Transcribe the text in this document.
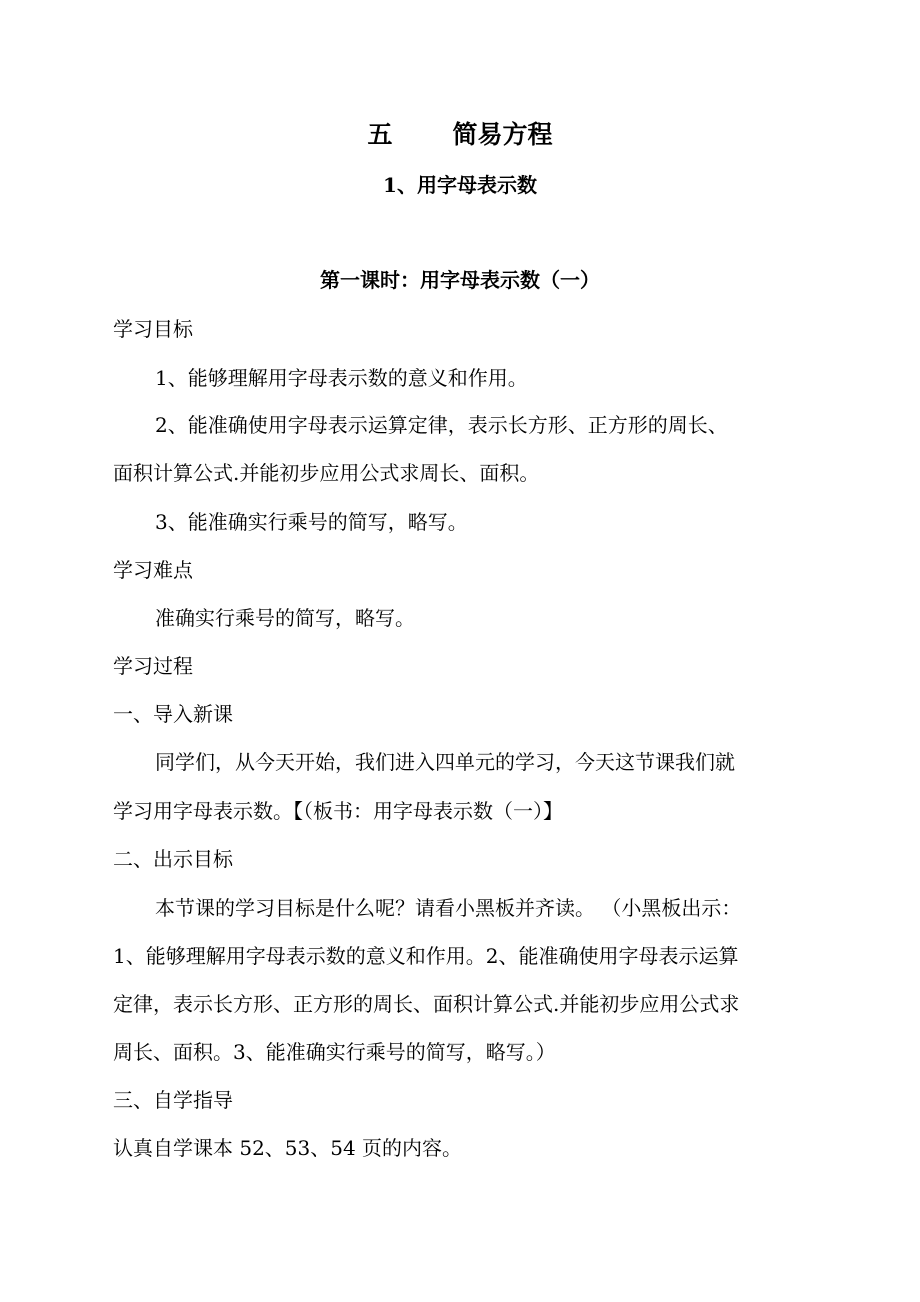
五 简易方程
1、用字母表示数
第一课时：用字母表示数（一）
学习目标
1、能够理解用字母表示数的意义和作用。
2、能准确使用字母表示运算定律，表示长方形、正方形的周长、
面积计算公式.并能初步应用公式求周长、面积。
3、能准确实行乘号的简写，略写。
学习难点
准确实行乘号的简写，略写。
学习过程
一、导入新课
同学们，从今天开始，我们进入四单元的学习，今天这节课我们就
学习用字母表示数。【（板书：用字母表示数（一）】
二、出示目标
本节课的学习目标是什么呢？请看小黑板并齐读。 （小黑板出示：
1、能够理解用字母表示数的意义和作用。2、能准确使用字母表示运算
定律，表示长方形、正方形的周长、面积计算公式.并能初步应用公式求
周长、面积。3、能准确实行乘号的简写，略写。）
三、自学指导
认真自学课本 52、53、54 页的内容。
